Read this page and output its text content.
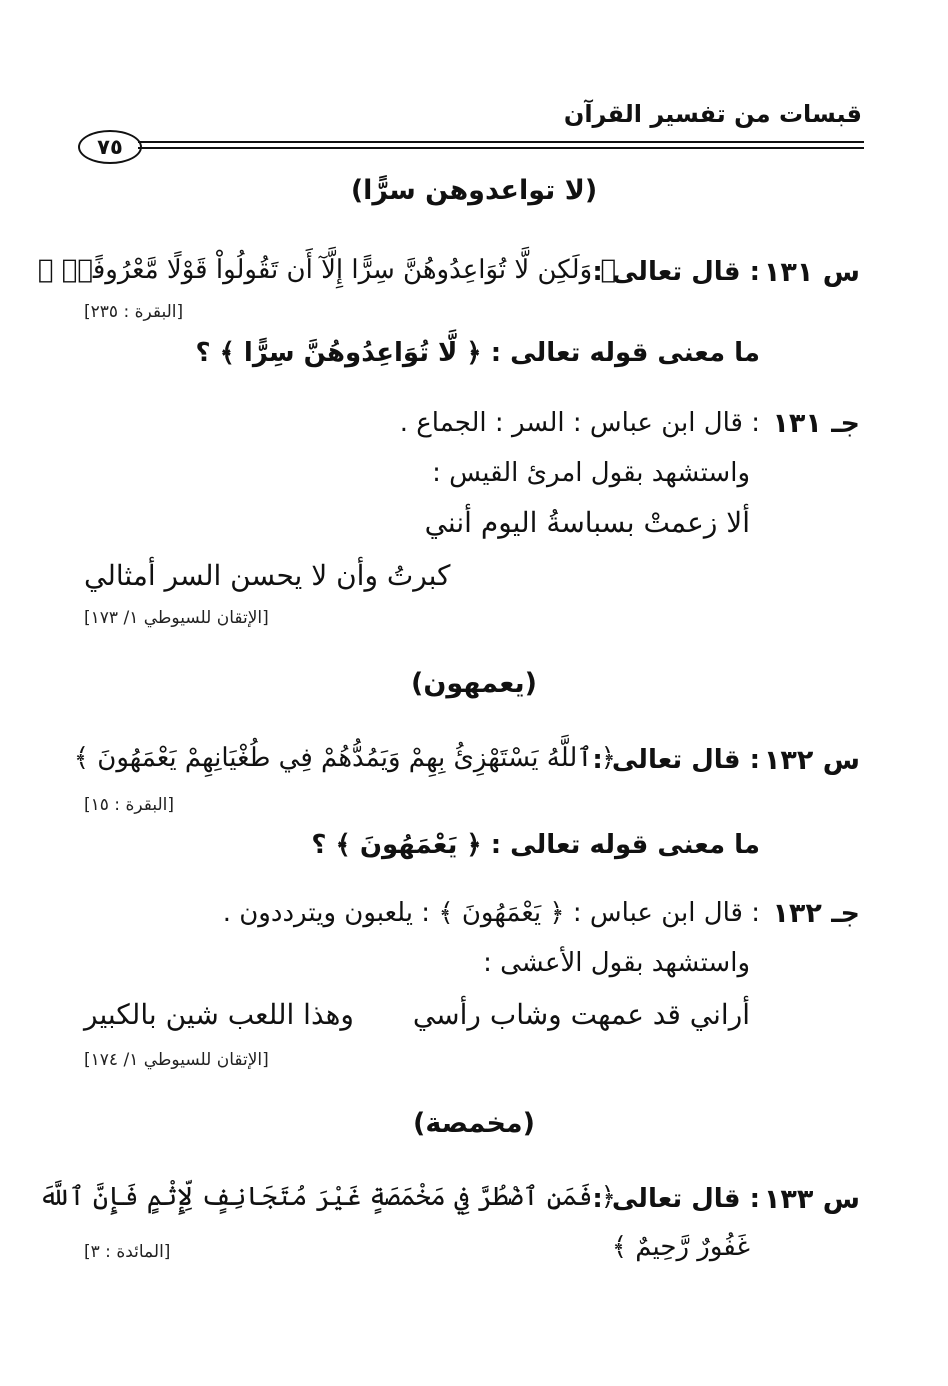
قبسات من تفسير القرآن
٧٥
(لا تواعدوهن سرًّا)
س ١٣١
: قال تعالى :
﴿ وَلَكِن لَّا تُوَاعِدُوهُنَّ سِرًّا إِلَّآ أَن تَقُولُواْ قَوْلًا مَّعْرُوفًاۚ ﴾
[البقرة : ٢٣٥]
ما معنى قوله تعالى : ﴿ لَّا تُوَاعِدُوهُنَّ سِرًّا ﴾ ؟
جـ ١٣١
: قال ابن عباس : السر : الجماع .
واستشهد بقول امرئ القيس :
ألا زعمتْ بسباسةُ اليوم أنني
كبرتُ وأن لا يحسن السر أمثالي
[الإتقان للسيوطي ١/ ١٧٣]
(يعمهون)
س ١٣٢
: قال تعالى :
﴿ ٱللَّهُ يَسْتَهْزِئُ بِهِمْ وَيَمُدُّهُمْ فِي طُغْيَانِهِمْ يَعْمَهُونَ ﴾
[البقرة : ١٥]
ما معنى قوله تعالى : ﴿ يَعْمَهُونَ ﴾ ؟
جـ ١٣٢
: قال ابن عباس : ﴿ يَعْمَهُونَ ﴾ : يلعبون ويترددون .
واستشهد بقول الأعشى :
أراني قد عمهت وشاب رأسي
وهذا اللعب شين بالكبير
[الإتقان للسيوطي ١/ ١٧٤]
(مخمصة)
س ١٣٣
: قال تعالى :
﴿ فَمَنِ ٱضْطُرَّ فِي مَخْمَصَةٍ غَيْرَ مُتَجَانِفٍ لِّإِثْمٍ فَإِنَّ ٱللَّهَ
غَفُورٌ رَّحِيمٌ ﴾
[المائدة : ٣]
